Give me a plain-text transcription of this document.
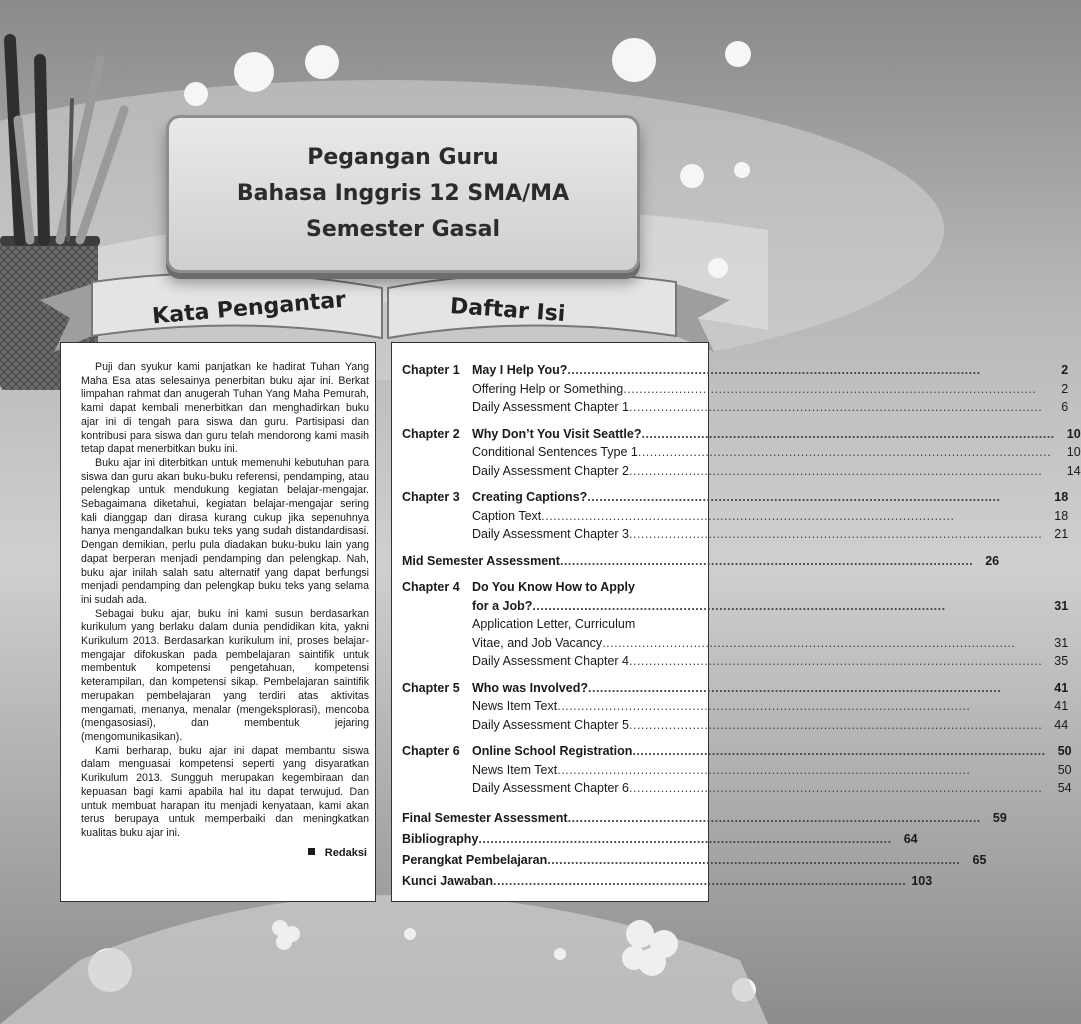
Pegangan Guru
Bahasa Inggris 12 SMA/MA
Semester Gasal
Kata Pengantar	Daftar Isi

Puji dan syukur kami panjatkan ke hadirat Tuhan Yang Maha Esa atas selesainya penerbitan buku ajar ini. Berkat limpahan rahmat dan anugerah Tuhan Yang Maha Pemurah, kami dapat kembali menerbitkan dan menghadirkan buku ajar ini di tengah para siswa dan guru. Partisipasi dan kontribusi para siswa dan guru telah mendorong kami masih tetap dapat menerbitkan buku ini.

Buku ajar ini diterbitkan untuk memenuhi kebutuhan para siswa dan guru akan buku-buku referensi, pendamping, atau pelengkap untuk mendukung kegiatan belajar-mengajar. Sebagaimana diketahui, kegiatan belajar-mengajar sering kali dianggap dan dirasa kurang cukup jika sepenuhnya hanya mengandalkan buku teks yang sudah distandardisasi. Dengan demikian, perlu pula diadakan buku-buku lain yang dapat berperan menjadi pendamping dan pelengkap. Nah, buku ajar inilah salah satu alternatif yang dapat berfungsi menjadi pendamping dan pelengkap buku teks yang selama ini sudah ada.

Sebagai buku ajar, buku ini kami susun berdasarkan kurikulum yang berlaku dalam dunia pendidikan kita, yakni Kurikulum 2013. Berdasarkan kurikulum ini, proses belajar-mengajar difokuskan pada pembelajaran saintifik untuk membentuk kompetensi pengetahuan, kompetensi keterampilan, dan kompetensi sikap. Pembelajaran saintifik merupakan pembelajaran yang terdiri atas aktivitas mengamati, menanya, menalar (mengeksplorasi), mencoba (mengasosiasi), dan membentuk jejaring (mengomunikasikan).

Kami berharap, buku ajar ini dapat membantu siswa dalam menguasai kompetensi seperti yang disyaratkan Kurikulum 2013. Sungguh merupakan kegembiraan dan kepuasan bagi kami apabila hal itu dapat terwujud. Dan untuk membuat harapan itu menjadi kenyataan, kami akan terus berupaya untuk memperbaiki dan meningkatkan kualitas buku ajar ini.

Redaksi
Chapter 1 May I Help You? .....	2
Offering Help or Something .....	2
Daily Assessment Chapter 1 .....	6
Chapter 2 Why Don’t You Visit Seattle? .....	10
Conditional Sentences Type 1 .....	10
Daily Assessment Chapter 2 .....	14
Chapter 3 Creating Captions? .....	18
Caption Text .....	18
Daily Assessment Chapter 3 .....	21
Mid Semester Assessment .....	26
Chapter 4 Do You Know How to Apply
for a Job? .....	31
Application Letter, Curriculum
Vitae, and Job Vacancy .....	31
Daily Assessment Chapter 4 .....	35
Chapter 5 Who was Involved? .....	41
News Item Text .....	41
Daily Assessment Chapter 5 .....	44
Chapter 6 Online School Registration .....	50
News Item Text .....	50
Daily Assessment Chapter 6 .....	54
Final Semester Assessment .....	59
Bibliography .....	64
Perangkat Pembelajaran .....	65
Kunci Jawaban .....	103
